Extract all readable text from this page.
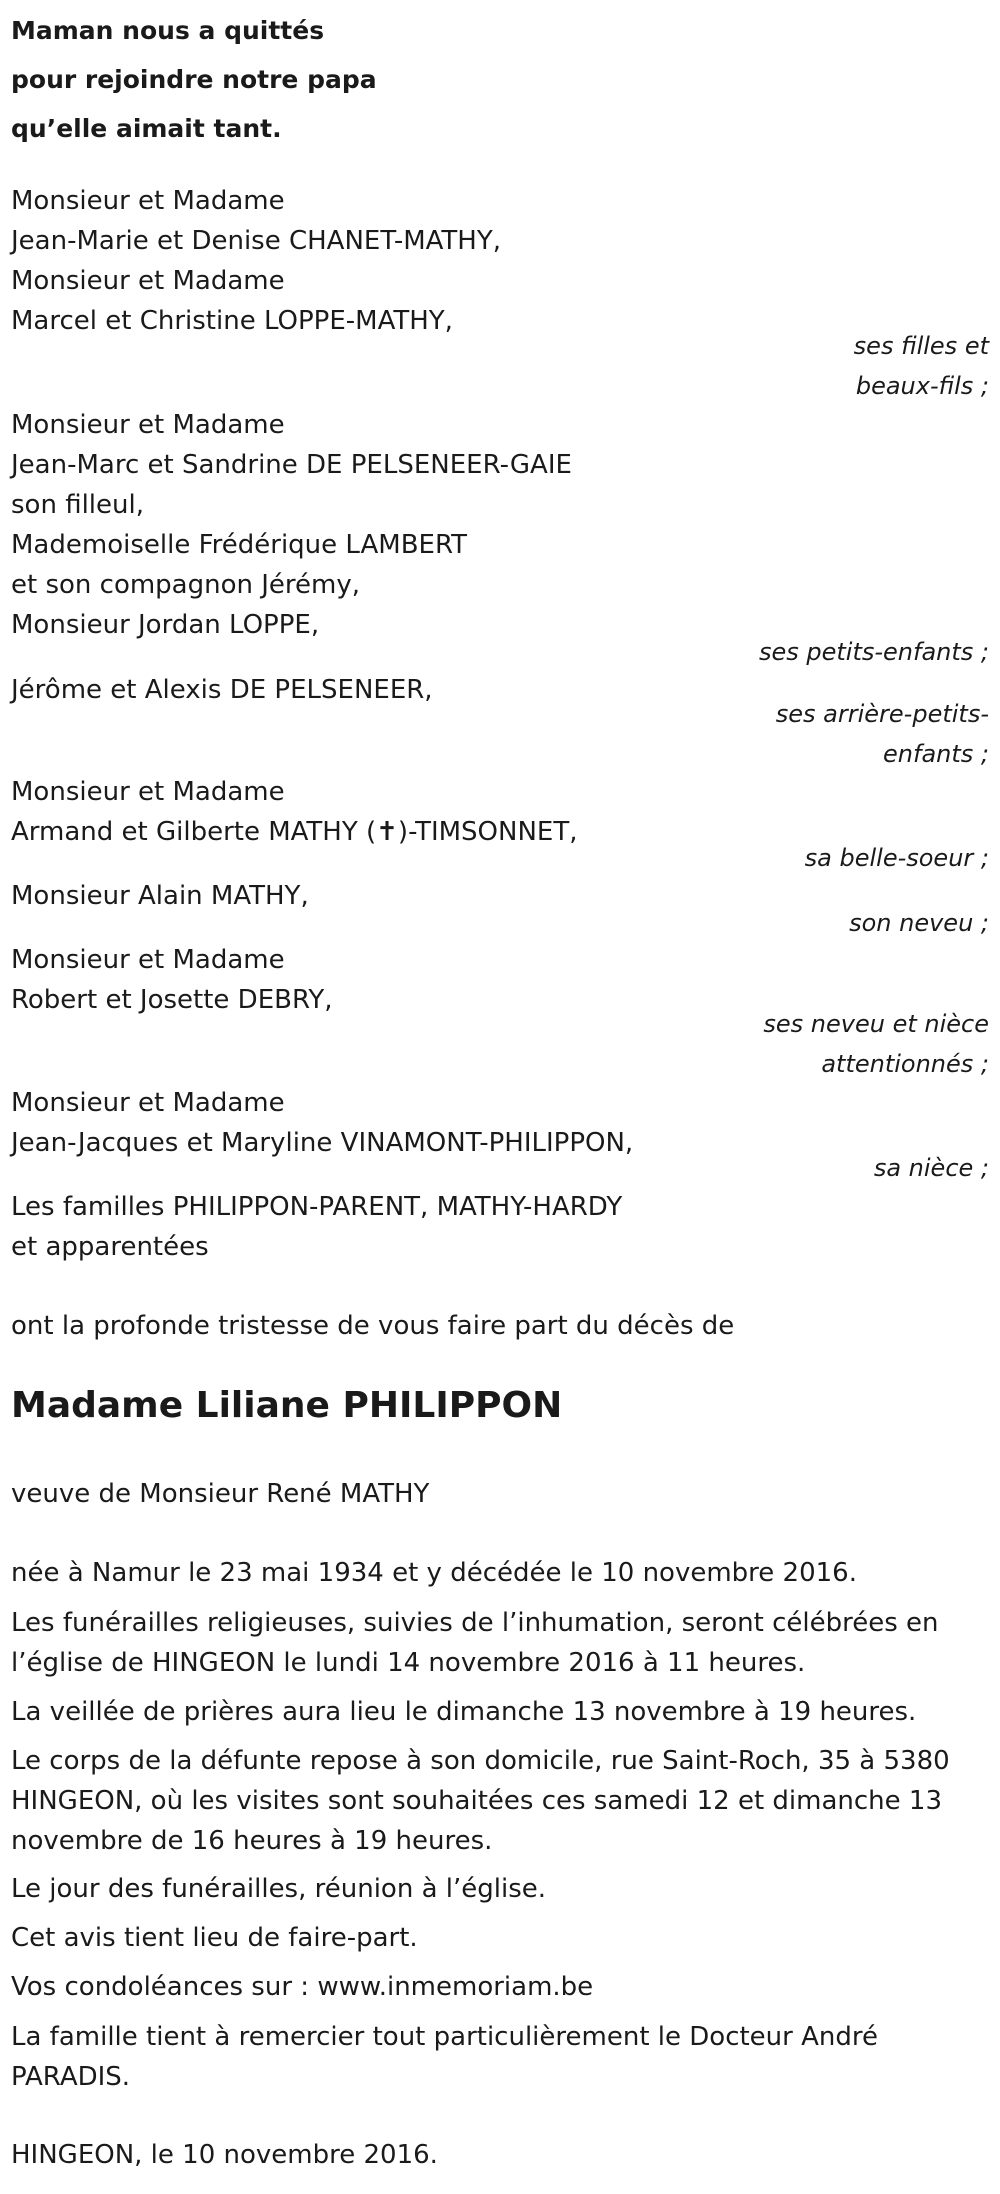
Maman nous a quittés
pour rejoindre notre papa
qu’elle aimait tant.
Monsieur et Madame
Jean-Marie et Denise CHANET-MATHY,
Monsieur et Madame
Marcel et Christine LOPPE-MATHY,
ses filles et
beaux-fils ;
Monsieur et Madame
Jean-Marc et Sandrine DE PELSENEER-GAIE
son filleul,
Mademoiselle Frédérique LAMBERT
et son compagnon Jérémy,
Monsieur Jordan LOPPE,
ses petits-enfants ;
Jérôme et Alexis DE PELSENEER,
ses arrière-petits-
enfants ;
Monsieur et Madame
Armand et Gilberte MATHY (✝)-TIMSONNET,
sa belle-soeur ;
Monsieur Alain MATHY,
son neveu ;
Monsieur et Madame
Robert et Josette DEBRY,
ses neveu et nièce
attentionnés ;
Monsieur et Madame
Jean-Jacques et Maryline VINAMONT-PHILIPPON,
sa nièce ;
Les familles PHILIPPON-PARENT, MATHY-HARDY
et apparentées
ont la profonde tristesse de vous faire part du décès de
Madame Liliane PHILIPPON
veuve de Monsieur René MATHY
née à Namur le 23 mai 1934 et y décédée le 10 novembre 2016.
Les funérailles religieuses, suivies de l’inhumation, seront célébrées en
l’église de HINGEON le lundi 14 novembre 2016 à 11 heures.
La veillée de prières aura lieu le dimanche 13 novembre à 19 heures.
Le corps de la défunte repose à son domicile, rue Saint-Roch, 35 à 5380
HINGEON, où les visites sont souhaitées ces samedi 12 et dimanche 13
novembre de 16 heures à 19 heures.
Le jour des funérailles, réunion à l’église.
Cet avis tient lieu de faire-part.
Vos condoléances sur : www.inmemoriam.be
La famille tient à remercier tout particulièrement le Docteur André
PARADIS.
HINGEON, le 10 novembre 2016.
